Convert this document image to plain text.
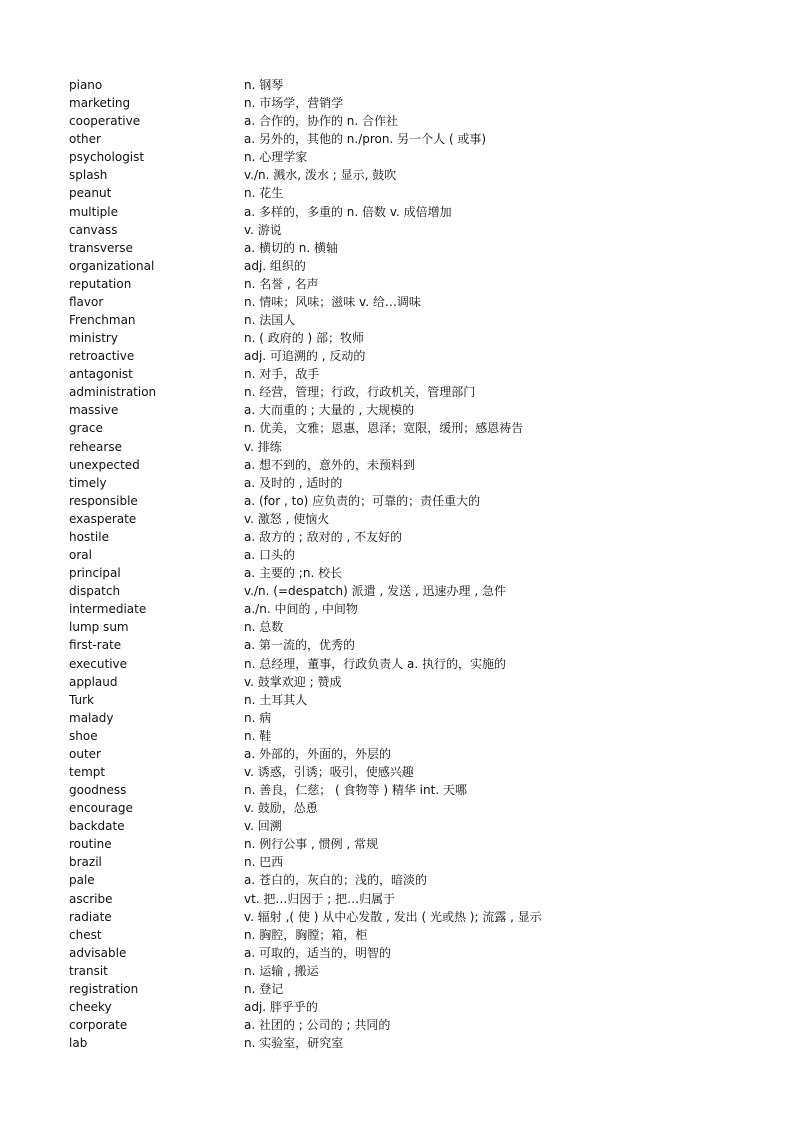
piano	n. 钢琴
marketing	n. 市场学，营销学
cooperative	a. 合作的，协作的 n. 合作社
other	a. 另外的，其他的 n./pron. 另一个人 ( 或事)
psychologist	n. 心理学家
splash	v./n. 溅水, 泼水 ; 显示, 鼓吹
peanut	n. 花生
multiple	a. 多样的，多重的 n. 倍数 v. 成倍增加
canvass	v. 游说
transverse	a. 横切的 n. 横轴
organizational	adj. 组织的
reputation	n. 名誉 , 名声
flavor	n. 情味；风味；滋味 v. 给…调味
Frenchman	n. 法国人
ministry	n. ( 政府的 ) 部；牧师
retroactive	adj. 可追溯的 , 反动的
antagonist	n. 对手，敌手
administration	n. 经营，管理；行政，行政机关，管理部门
massive	a. 大而重的 ; 大量的 , 大规模的
grace	n. 优美，文雅；恩惠，恩泽；宽限，缓刑；感恩祷告
rehearse	v. 排练
unexpected	a. 想不到的，意外的，未预料到
timely	a. 及时的 , 适时的
responsible	a. (for , to) 应负责的；可靠的；责任重大的
exasperate	v. 激怒 , 使恼火
hostile	a. 敌方的 ; 敌对的 , 不友好的
oral	a. 口头的
principal	a. 主要的 ;n. 校长
dispatch	v./n. (=despatch) 派遣 , 发送 , 迅速办理 , 急件
intermediate	a./n. 中间的 , 中间物
lump sum	n. 总数
first-rate	a. 第一流的，优秀的
executive	n. 总经理，董事，行政负责人 a. 执行的，实施的
applaud	v. 鼓掌欢迎 ; 赞成
Turk	n. 土耳其人
malady	n. 病
shoe	n. 鞋
outer	a. 外部的，外面的，外层的
tempt	v. 诱惑，引诱；吸引，使感兴趣
goodness	n. 善良，仁慈； ( 食物等 ) 精华 int. 天哪
encourage	v. 鼓励，怂恿
backdate	v. 回溯
routine	n. 例行公事 , 惯例 , 常规
brazil	n. 巴西
pale	a. 苍白的，灰白的；浅的，暗淡的
ascribe	vt. 把…归因于 ; 把…归属于
radiate	v. 辐射 ,( 使 ) 从中心发散 , 发出 ( 光或热 ); 流露 , 显示
chest	n. 胸腔，胸膛；箱，柜
advisable	a. 可取的，适当的，明智的
transit	n. 运输 , 搬运
registration	n. 登记
cheeky	adj. 胖乎乎的
corporate	a. 社团的 ; 公司的 ; 共同的
lab	n. 实验室，研究室
